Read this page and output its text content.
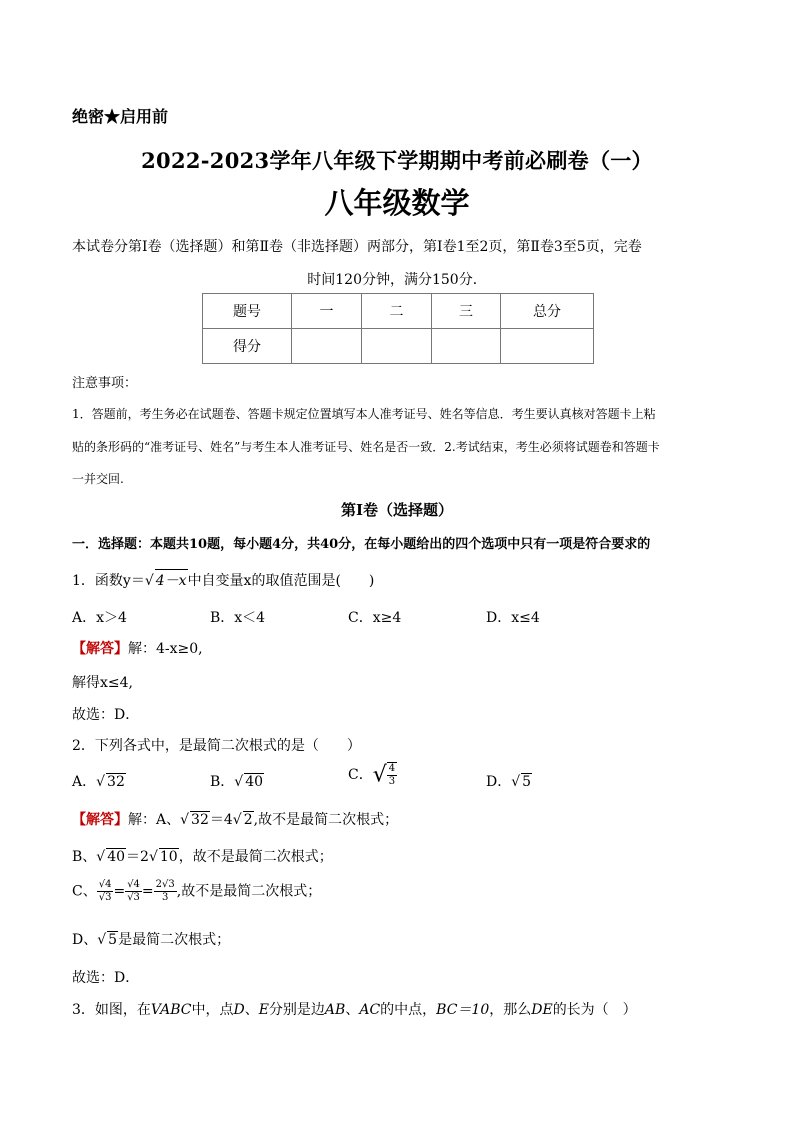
绝密★启用前
2022-2023学年八年级下学期期中考前必刷卷（一）
八年级数学
本试卷分第Ⅰ卷（选择题）和第Ⅱ卷（非选择题）两部分，第Ⅰ卷1至2页，第Ⅱ卷3至5页，完卷
时间120分钟，满分150分．
题号	一	二	三	总分
得分				
注意事项：
1．答题前，考生务必在试题卷、答题卡规定位置填写本人准考证号、姓名等信息．考生要认真核对答题卡上粘
贴的条形码的“准考证号、姓名”与考生本人准考证号、姓名是否一致．2.考试结束，考生必须将试题卷和答题卡
一并交回.
第Ⅰ卷（选择题）
一．选择题：本题共10题，每小题4分，共40分，在每小题给出的四个选项中只有一项是符合要求的
1．函数y＝√ 4－x中自变量x的取值范围是(　　)
A．x＞4	B．x＜4	C．x≥4	D．x≤4
【解答】解：4-x≥0,
解得x≤4,
故选：D．
2．下列各式中，是最简二次根式的是（　　）
A．√ 32	B．√ 40	C．√ $\frac{4}{3}$	D．√ 5
【解答】解：A、√ 32＝4√ 2,故不是最简二次根式；
B、√ 40＝2√ 10，故不是最简二次根式；
C、 $\frac{√4}{√3} = \frac{√4}{√3} = \frac{2√3}{3}$ ,故不是最简二次根式；
D、√ 5是最简二次根式；
故选：D．
3．如图，在VABC中，点D、E分别是边AB、AC的中点，BC＝10，那么DE的长为（　）
